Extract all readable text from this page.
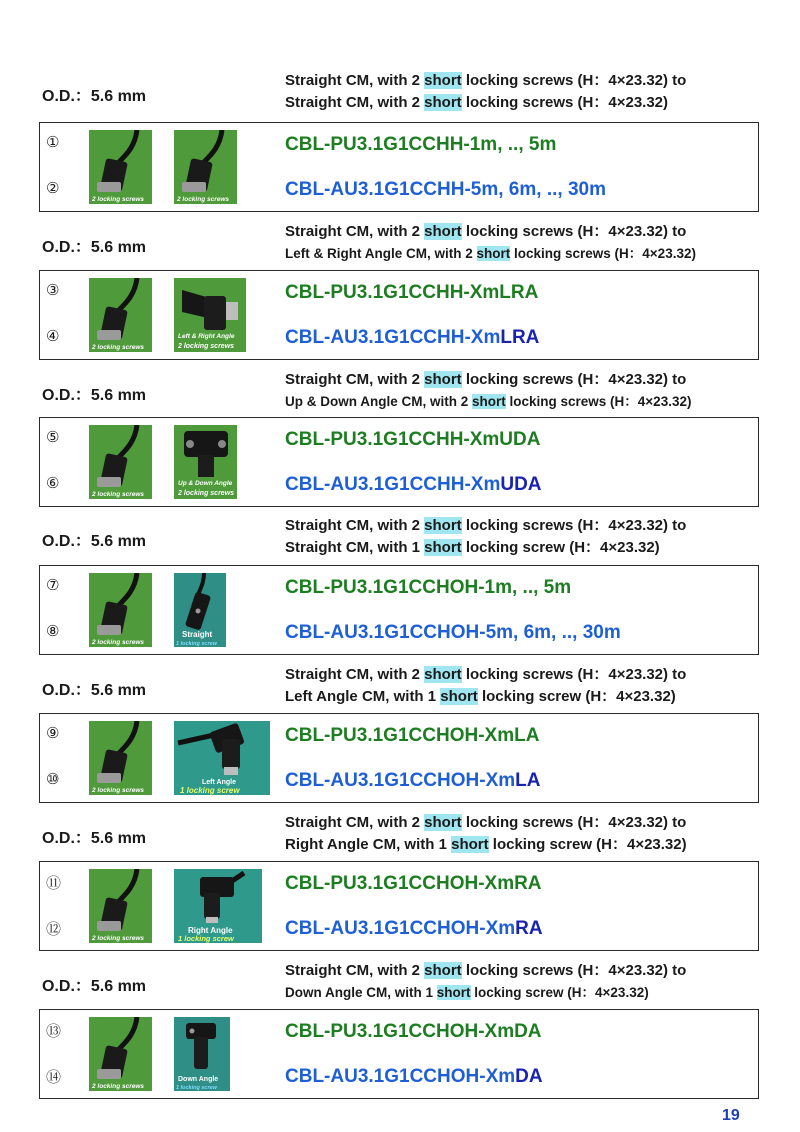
O.D.：5.6 mm
Straight CM, with 2 short locking screws (H：4×23.32) to
Straight CM, with 2 short locking screws (H：4×23.32)
①
②
2 locking screws	2 locking screws
CBL-PU3.1G1CCHH-1m, .., 5m
CBL-AU3.1G1CCHH-5m, 6m, .., 30m
O.D.：5.6 mm
Straight CM, with 2 short locking screws (H：4×23.32) to
Left & Right Angle CM, with 2 short locking screws (H：4×23.32)
③
④
2 locking screws
Left & Right Angle
2 locking screws
CBL-PU3.1G1CCHH-XmLRA
CBL-AU3.1G1CCHH-XmLRA
O.D.：5.6 mm
Straight CM, with 2 short locking screws (H：4×23.32) to
Up & Down Angle CM, with 2 short locking screws (H：4×23.32)
⑤
⑥
2 locking screws
Up & Down Angle
2 locking screws
CBL-PU3.1G1CCHH-XmUDA
CBL-AU3.1G1CCHH-XmUDA
O.D.：5.6 mm
Straight CM, with 2 short locking screws (H：4×23.32) to
Straight CM, with 1 short locking screw (H：4×23.32)
⑦
⑧
2 locking screws
Straight
1 locking screw
CBL-PU3.1G1CCHOH-1m, .., 5m
CBL-AU3.1G1CCHOH-5m, 6m, .., 30m
O.D.：5.6 mm
Straight CM, with 2 short locking screws (H：4×23.32) to
Left Angle CM, with 1 short locking screw (H：4×23.32)
⑨
⑩
2 locking screws
Left Angle
1 locking screw
CBL-PU3.1G1CCHOH-XmLA
CBL-AU3.1G1CCHOH-XmLA
O.D.：5.6 mm
Straight CM, with 2 short locking screws (H：4×23.32) to
Right Angle CM, with 1 short locking screw (H：4×23.32)
⑪
⑫
2 locking screws
Right Angle
1 locking screw
CBL-PU3.1G1CCHOH-XmRA
CBL-AU3.1G1CCHOH-XmRA
O.D.：5.6 mm
Straight CM, with 2 short locking screws (H：4×23.32) to
Down Angle CM, with 1 short locking screw (H：4×23.32)
⑬
⑭
2 locking screws
Down Angle
1 locking screw
CBL-PU3.1G1CCHOH-XmDA
CBL-AU3.1G1CCHOH-XmDA
19
